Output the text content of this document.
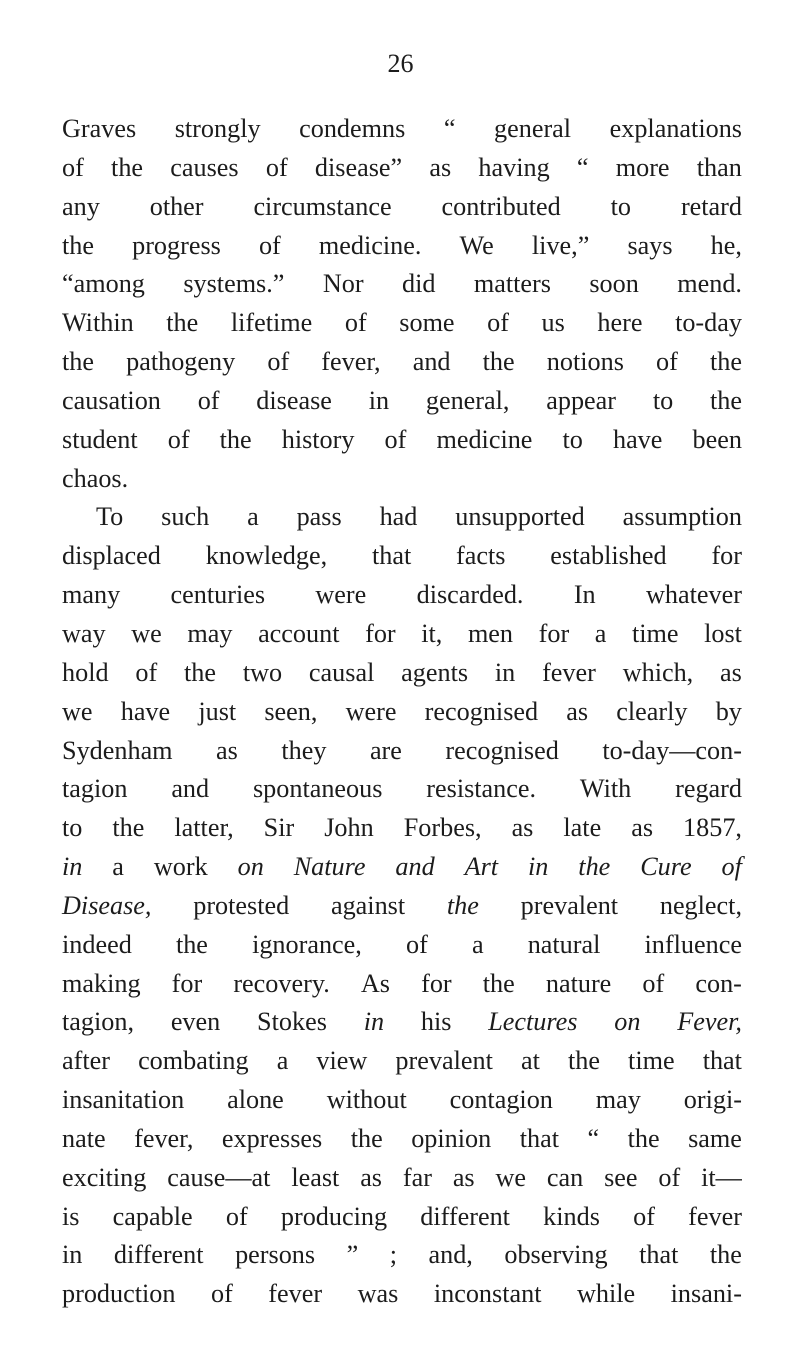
26
Graves strongly condemns “ general explanations
of the causes of disease” as having “ more than
any other circumstance contributed to retard
the progress of medicine. We live,” says he,
“among systems.” Nor did matters soon mend.
Within the lifetime of some of us here to-day
the pathogeny of fever, and the notions of the
causation of disease in general, appear to the
student of the history of medicine to have been
chaos.
To such a pass had unsupported assumption
displaced knowledge, that facts established for
many centuries were discarded. In whatever
way we may account for it, men for a time lost
hold of the two causal agents in fever which, as
we have just seen, were recognised as clearly by
Sydenham as they are recognised to-day—con-
tagion and spontaneous resistance. With regard
to the latter, Sir John Forbes, as late as 1857,
in a work on Nature and Art in the Cure of
Disease, protested against the prevalent neglect,
indeed the ignorance, of a natural influence
making for recovery. As for the nature of con-
tagion, even Stokes in his Lectures on Fever,
after combating a view prevalent at the time that
insanitation alone without contagion may origi-
nate fever, expresses the opinion that “ the same
exciting cause—at least as far as we can see of it—
is capable of producing different kinds of fever
in different persons ” ; and, observing that the
production of fever was inconstant while insani-
